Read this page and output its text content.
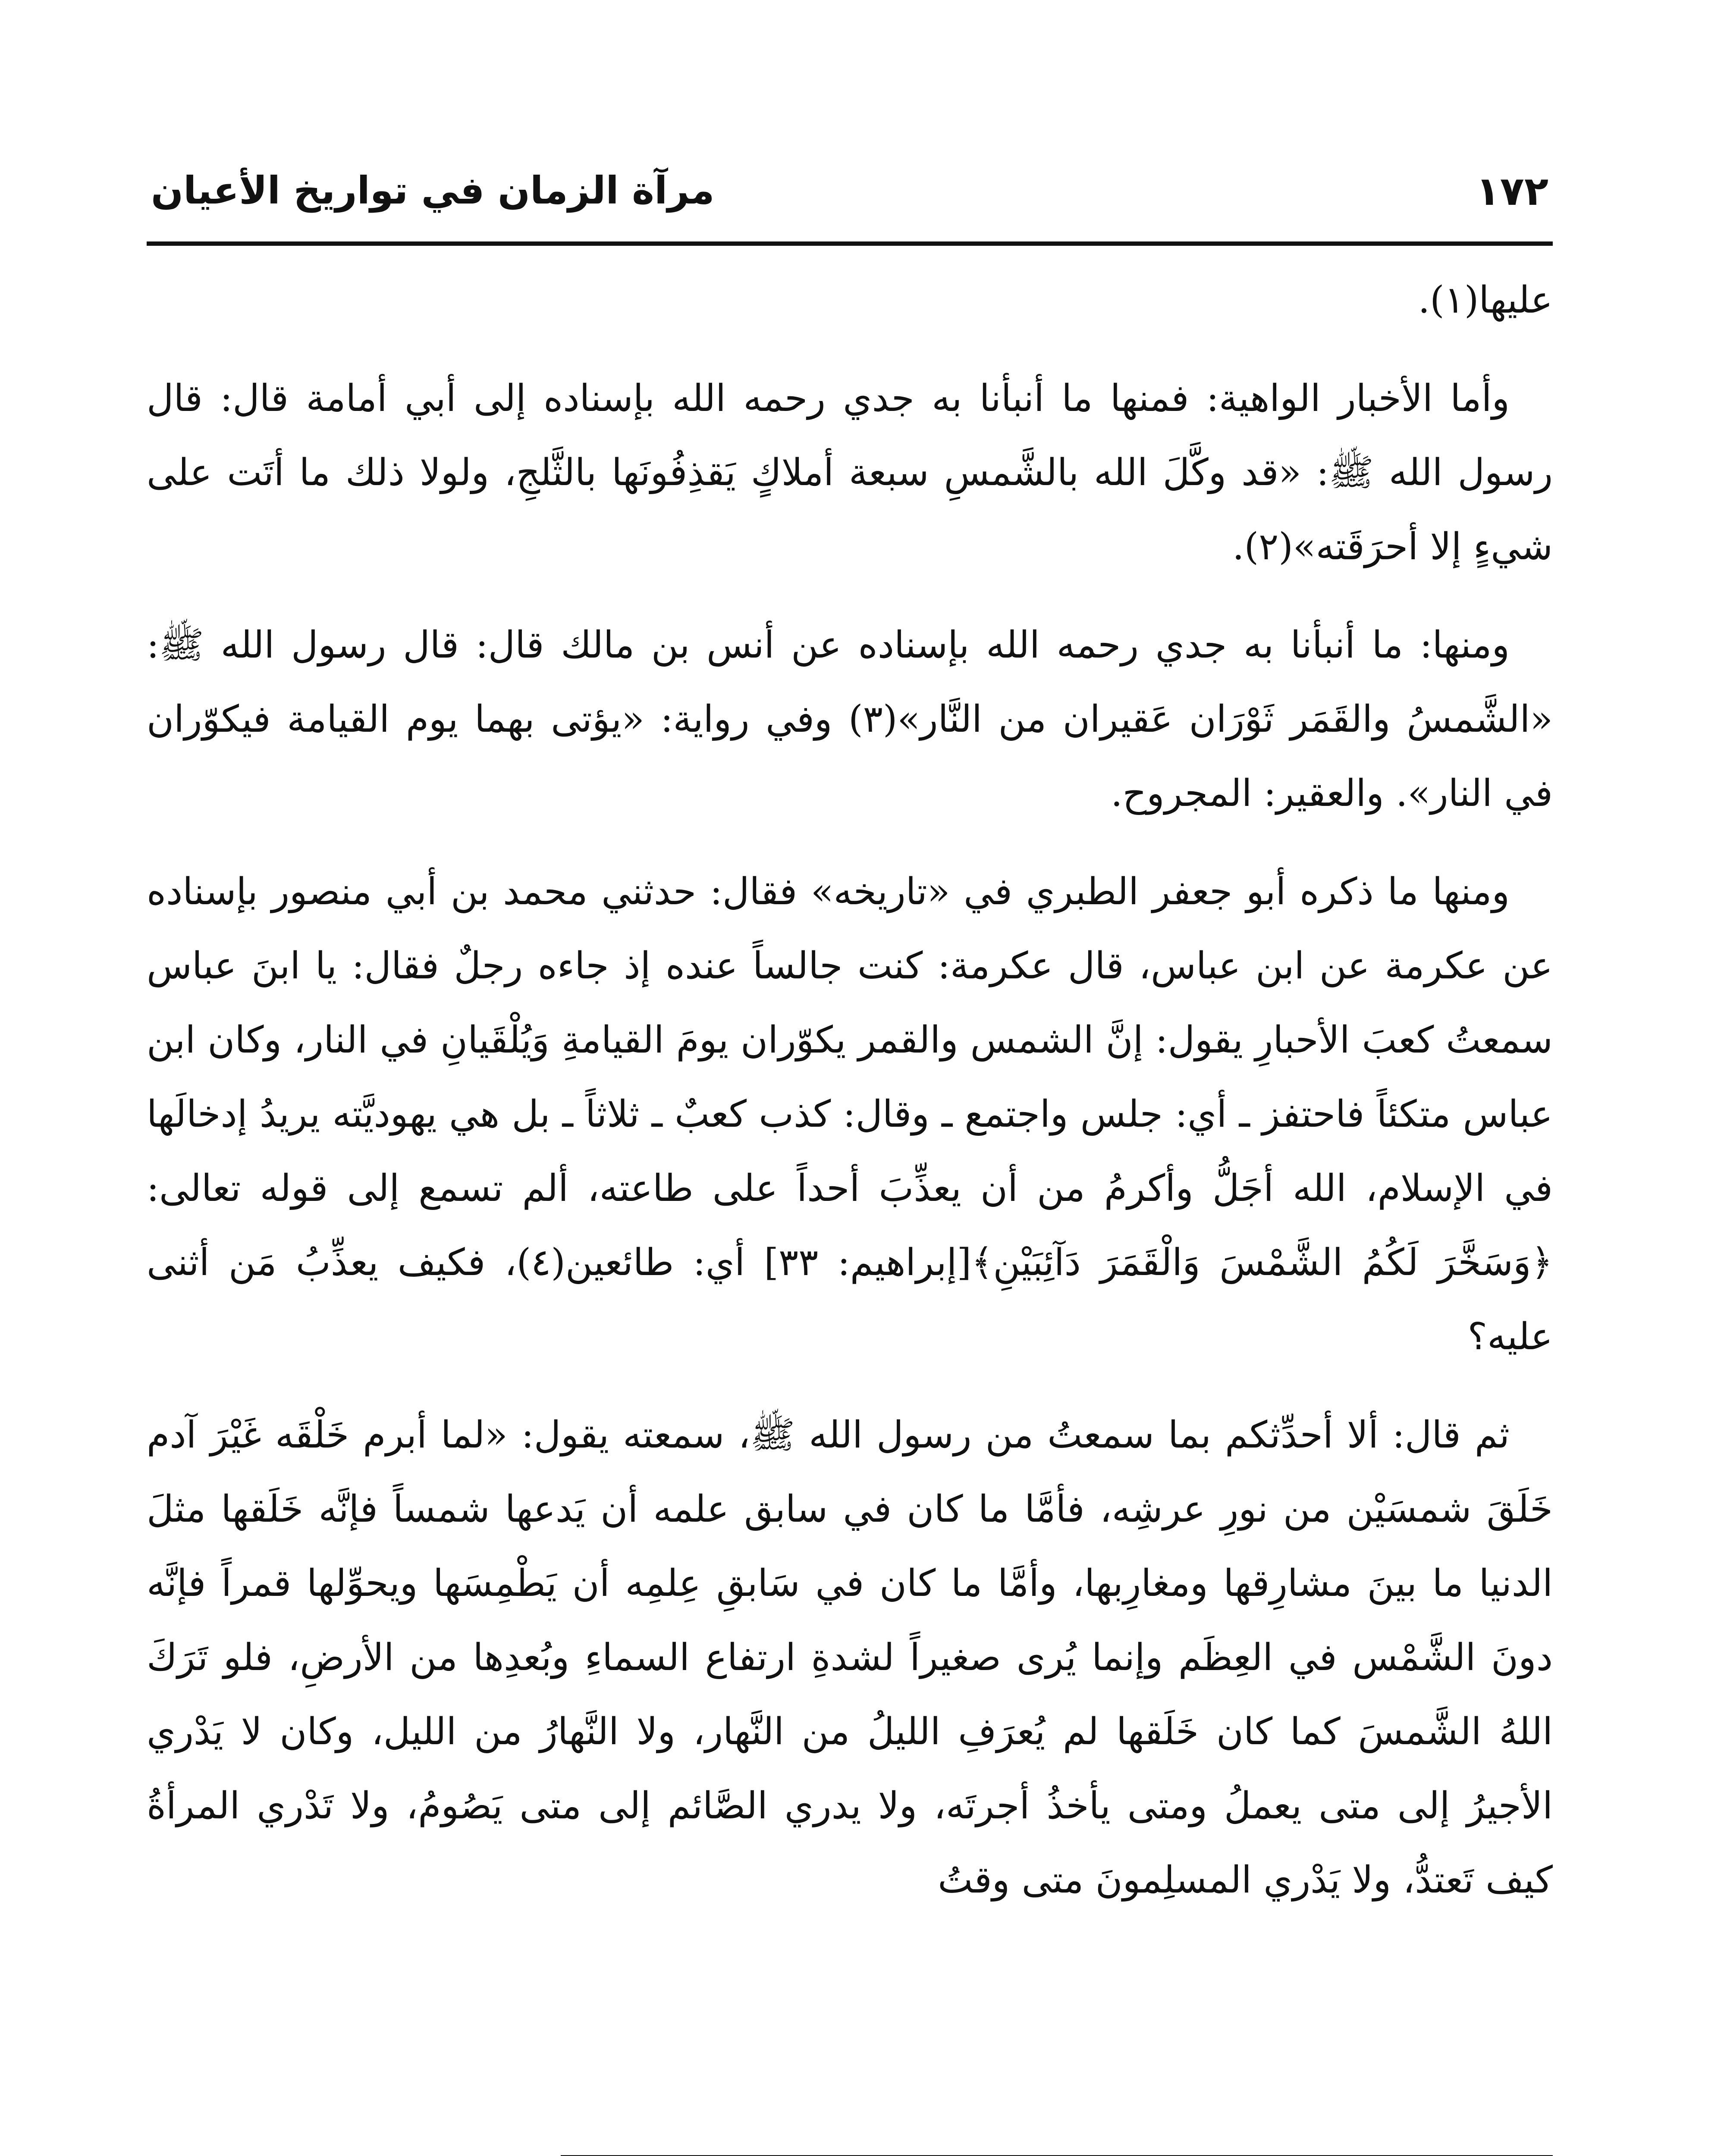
١٧٢
مرآة الزمان في تواريخ الأعيان

عليها(١).

وأما الأخبار الواهية: فمنها ما أنبأنا به جدي رحمه الله بإسناده إلى أبي أمامة قال: قال رسول الله ﷺ: «قد وكَّلَ الله بالشَّمسِ سبعة أملاكٍ يَقذِفُونَها بالثَّلجِ، ولولا ذلك ما أتَت على شيءٍ إلا أحرَقَته»(٢).

ومنها: ما أنبأنا به جدي رحمه الله بإسناده عن أنس بن مالك قال: قال رسول الله ﷺ: «الشَّمسُ والقَمَر ثَوْرَان عَقيران من النَّار»(٣) وفي رواية: «يؤتى بهما يوم القيامة فيكوّران في النار». والعقير: المجروح.

ومنها ما ذكره أبو جعفر الطبري في «تاريخه» فقال: حدثني محمد بن أبي منصور بإسناده عن عكرمة عن ابن عباس، قال عكرمة: كنت جالساً عنده إذ جاءه رجلٌ فقال: يا ابنَ عباس سمعتُ كعبَ الأحبارِ يقول: إنَّ الشمس والقمر يكوّران يومَ القيامةِ وَيُلْقَيانِ في النار، وكان ابن عباس متكئاً فاحتفز ـ أي: جلس واجتمع ـ وقال: كذب كعبٌ ـ ثلاثاً ـ بل هي يهوديَّته يريدُ إدخالَها في الإسلام، الله أجَلُّ وأكرمُ من أن يعذِّبَ أحداً على طاعته، ألم تسمع إلى قوله تعالى: ﴿وَسَخَّرَ لَكُمُ الشَّمْسَ وَالْقَمَرَ دَآئِبَيْنِ﴾[إبراهيم: ٣٣] أي: طائعين(٤)، فكيف يعذِّبُ مَن أثنى عليه؟

ثم قال: ألا أحدِّثكم بما سمعتُ من رسول الله ﷺ، سمعته يقول: «لما أبرم خَلْقَه غَيْرَ آدم خَلَقَ شمسَيْن من نورِ عرشِه، فأمَّا ما كان في سابق علمه أن يَدعها شمساً فإنَّه خَلَقها مثلَ الدنيا ما بينَ مشارِقها ومغارِبها، وأمَّا ما كان في سَابقِ عِلمِه أن يَطْمِسَها ويحوِّلها قمراً فإنَّه دونَ الشَّمْس في العِظَم وإنما يُرى صغيراً لشدةِ ارتفاع السماءِ وبُعدِها من الأرضِ، فلو تَرَكَ اللهُ الشَّمسَ كما كان خَلَقها لم يُعرَفِ الليلُ من النَّهار، ولا النَّهارُ من الليل، وكان لا يَدْري الأجيرُ إلى متى يعملُ ومتى يأخذُ أجرتَه، ولا يدري الصَّائم إلى متى يَصُومُ، ولا تَدْري المرأةُ كيف تَعتدُّ، ولا يَدْري المسلِمونَ متى وقتُ
